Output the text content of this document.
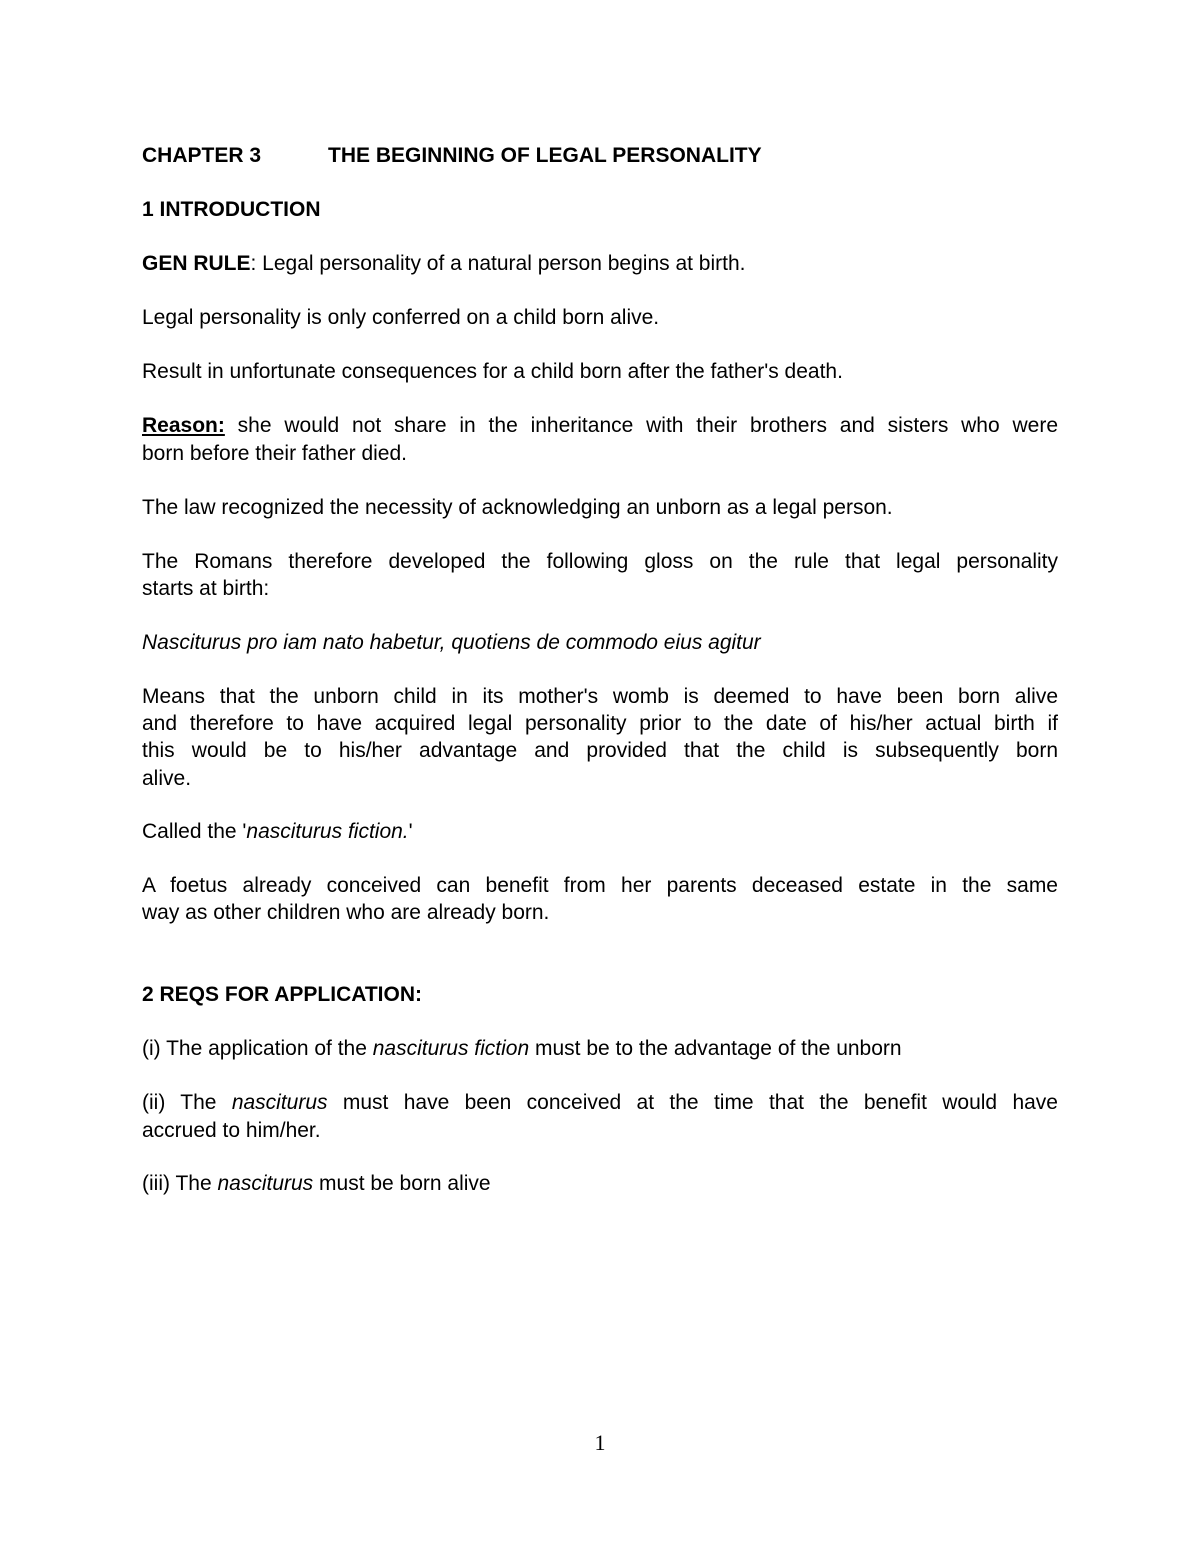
CHAPTER 3	THE BEGINNING OF LEGAL PERSONALITY
1 INTRODUCTION
GEN RULE: Legal personality of a natural person begins at birth.
Legal personality is only conferred on a child born alive.
Result in unfortunate consequences for a child born after the father's death.
Reason: she would not share in the inheritance with their brothers and sisters who were
born before their father died.
The law recognized the necessity of acknowledging an unborn as a legal person.
The Romans therefore developed the following gloss on the rule that legal personality
starts at birth:
Nasciturus pro iam nato habetur, quotiens de commodo eius agitur
Means that the unborn child in its mother's womb is deemed to have been born alive
and therefore to have acquired legal personality prior to the date of his/her actual birth if
this would be to his/her advantage and provided that the child is subsequently born
alive.
Called the 'nasciturus fiction.'
A foetus already conceived can benefit from her parents deceased estate in the same
way as other children who are already born.
2 REQS FOR APPLICATION:
(i) The application of the nasciturus fiction must be to the advantage of the unborn
(ii) The nasciturus must have been conceived at the time that the benefit would have
accrued to him/her.
(iii) The nasciturus must be born alive
1
